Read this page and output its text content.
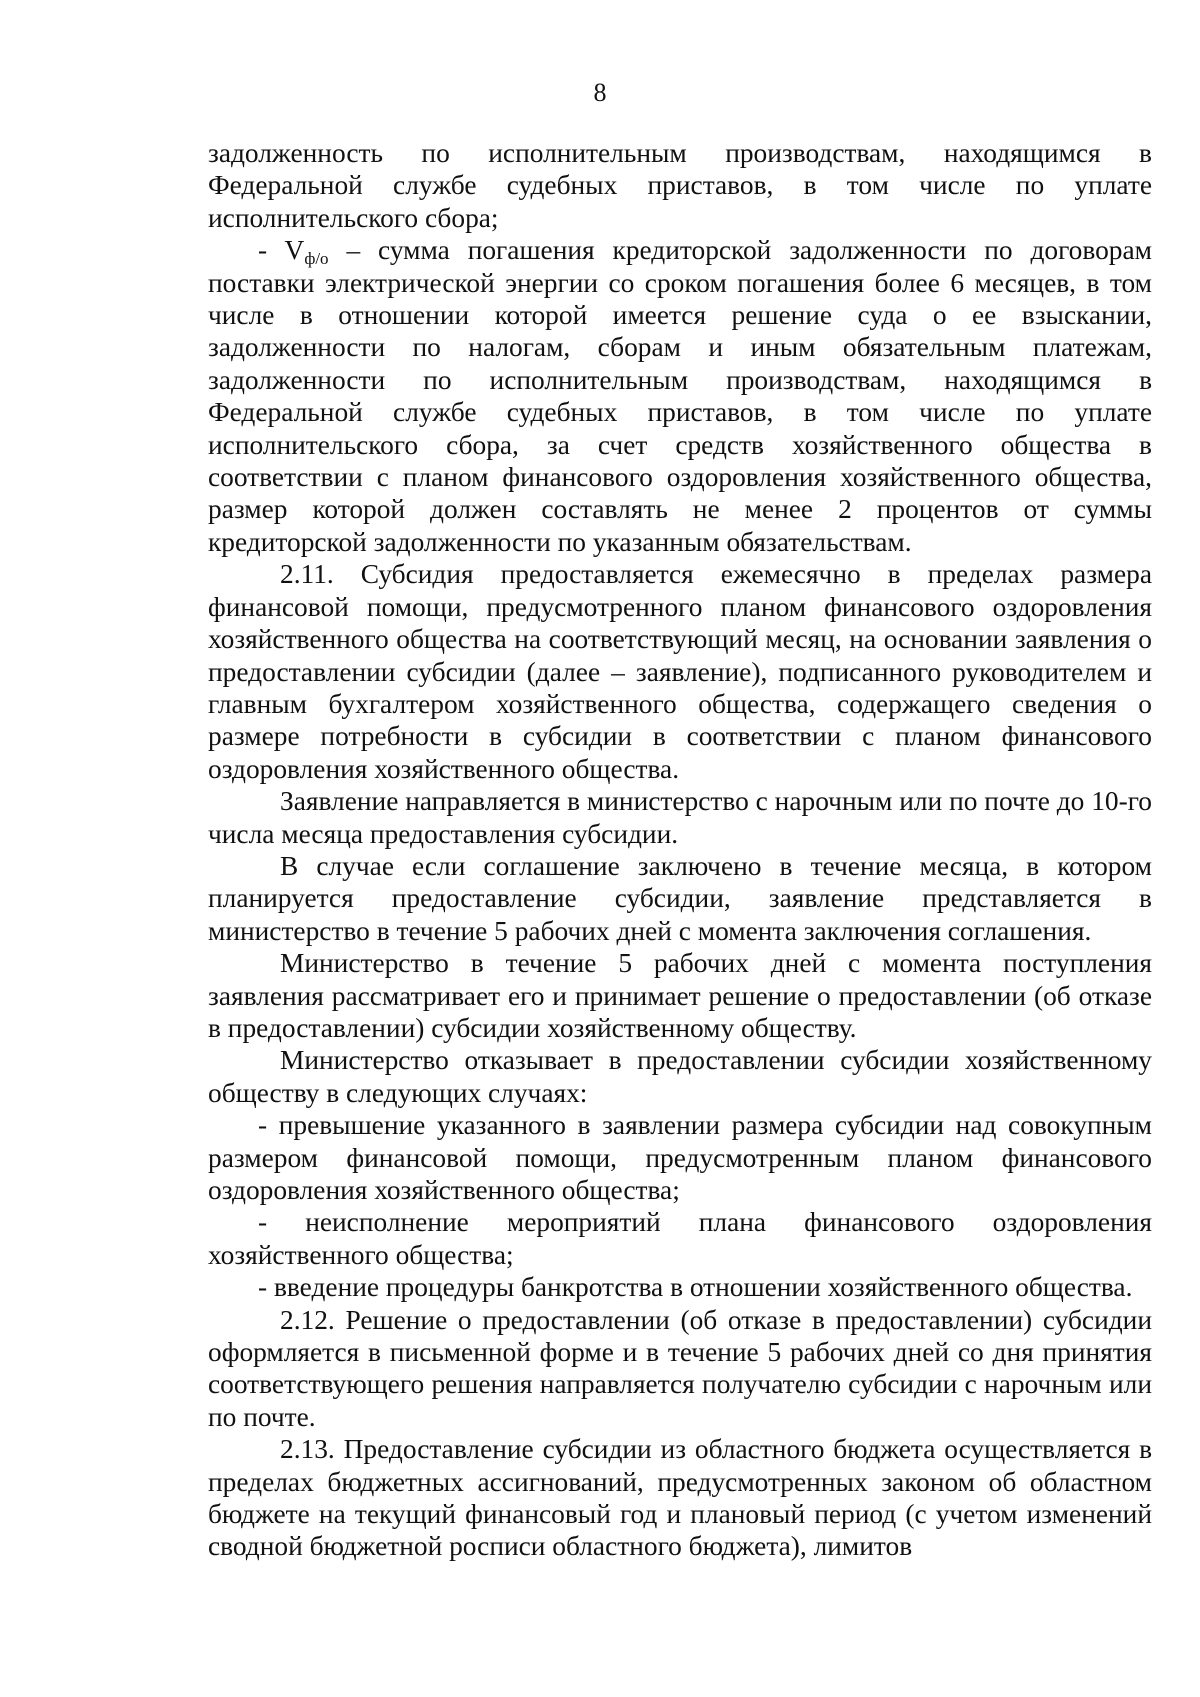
8

задолженность по исполнительным производствам, находящимся в Федеральной службе судебных приставов, в том числе по уплате исполнительского сбора;

- $V_{ф/о}$ – сумма погашения кредиторской задолженности по договорам поставки электрической энергии со сроком погашения более 6 месяцев, в том числе в отношении которой имеется решение суда о ее взыскании, задолженности по налогам, сборам и иным обязательным платежам, задолженности по исполнительным производствам, находящимся в Федеральной службе судебных приставов, в том числе по уплате исполнительского сбора, за счет средств хозяйственного общества в соответствии с планом финансового оздоровления хозяйственного общества, размер которой должен составлять не менее 2 процентов от суммы кредиторской задолженности по указанным обязательствам.

2.11. Субсидия предоставляется ежемесячно в пределах размера финансовой помощи, предусмотренного планом финансового оздоровления хозяйственного общества на соответствующий месяц, на основании заявления о предоставлении субсидии (далее – заявление), подписанного руководителем и главным бухгалтером хозяйственного общества, содержащего сведения о размере потребности в субсидии в соответствии с планом финансового оздоровления хозяйственного общества.

Заявление направляется в министерство с нарочным или по почте до 10-го числа месяца предоставления субсидии.

В случае если соглашение заключено в течение месяца, в котором планируется предоставление субсидии, заявление представляется в министерство в течение 5 рабочих дней с момента заключения соглашения.

Министерство в течение 5 рабочих дней с момента поступления заявления рассматривает его и принимает решение о предоставлении (об отказе в предоставлении) субсидии хозяйственному обществу.

Министерство отказывает в предоставлении субсидии хозяйственному обществу в следующих случаях:

- превышение указанного в заявлении размера субсидии над совокупным размером финансовой помощи, предусмотренным планом финансового оздоровления хозяйственного общества;

- неисполнение мероприятий плана финансового оздоровления хозяйственного общества;

- введение процедуры банкротства в отношении хозяйственного общества.

2.12. Решение о предоставлении (об отказе в предоставлении) субсидии оформляется в письменной форме и в течение 5 рабочих дней со дня принятия соответствующего решения направляется получателю субсидии с нарочным или по почте.

2.13. Предоставление субсидии из областного бюджета осуществляется в пределах бюджетных ассигнований, предусмотренных законом об областном бюджете на текущий финансовый год и плановый период (с учетом изменений сводной бюджетной росписи областного бюджета), лимитов
